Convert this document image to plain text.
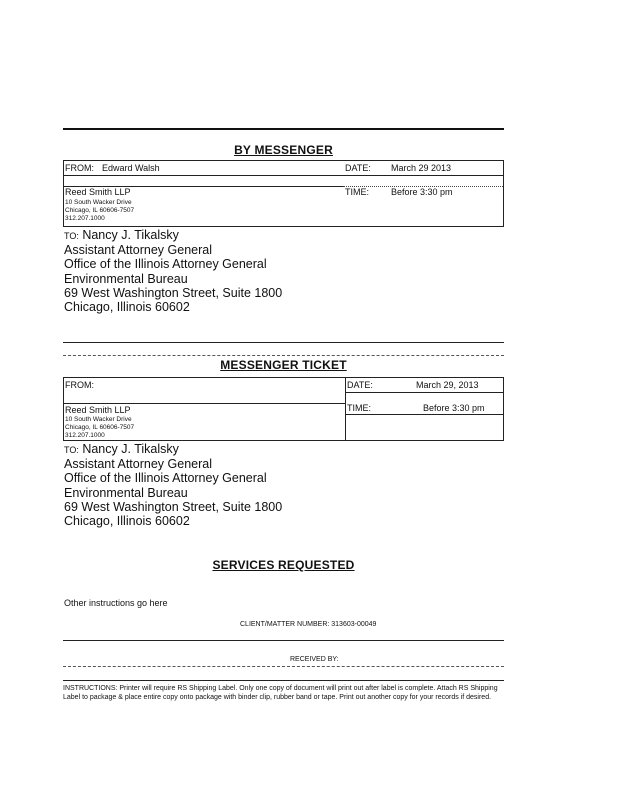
BY MESSENGER
FROM: Edward Walsh	DATE: March 29 2013
Reed Smith LLP	TIME: Before 3:30 pm
10 South Wacker Drive
Chicago, IL 60606-7507
312.207.1000
TO: Nancy J. Tikalsky
Assistant Attorney General
Office of the Illinois Attorney General
Environmental Bureau
69 West Washington Street, Suite 1800
Chicago, Illinois 60602
MESSENGER TICKET
FROM:	DATE:	March 29, 2013
Reed Smith LLP	TIME:	Before 3:30 pm
10 South Wacker Drive
Chicago, IL 60606-7507
312.207.1000
TO: Nancy J. Tikalsky
Assistant Attorney General
Office of the Illinois Attorney General
Environmental Bureau
69 West Washington Street, Suite 1800
Chicago, Illinois 60602
SERVICES REQUESTED
Other instructions go here
CLIENT/MATTER NUMBER: 313603-00049
RECEIVED BY:
INSTRUCTIONS: Printer will require RS Shipping Label. Only one copy of document will print out after label is complete. Attach RS Shipping Label to package & place entire copy onto package with binder clip, rubber band or tape. Print out another copy for your records if desired.
